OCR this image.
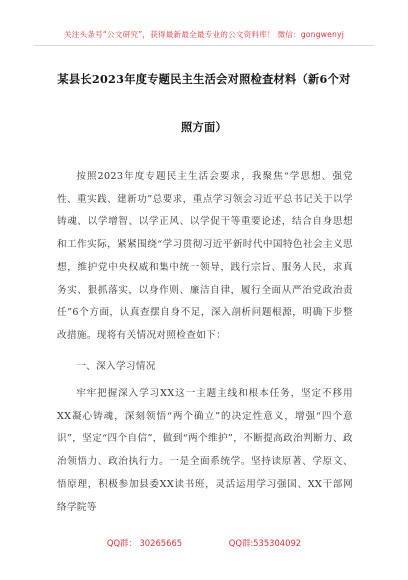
关注头条号“公文研究”，获得最新最全最专业的公文资料库！ 微信：gongwenyj
某县长2023年度专题民主生活会对照检查材料（新6个对
照方面）
按照2023年度专题民主生活会要求，我聚焦“学思想、强党性、重实践、建新功”总要求，重点学习领会习近平总书记关于以学铸魂、以学增智、以学正风、以学促干等重要论述，结合自身思想和工作实际，紧紧围绕“学习贯彻习近平新时代中国特色社会主义思想，维护党中央权威和集中统一领导，践行宗旨、服务人民，求真务实、狠抓落实，以身作则、廉洁自律，履行全面从严治党政治责任”6个方面，认真查摆自身不足，深入剖析问题根源，明确下步整改措施。现将有关情况对照检查如下：
一、深入学习情况
牢牢把握深入学习XX这一主题主线和根本任务，坚定不移用XX凝心铸魂，深刻领悟“两个确立”的决定性意义，增强“四个意识”，坚定“四个自信”，做到“两个维护”，不断提高政治判断力、政治领悟力、政治执行力。一是全面系统学。坚持读原著、学原文、悟原理，积极参加县委XX读书班，灵活运用学习强国、XX干部网络学院等
QQ群： 30265665	QQ群:535304092
